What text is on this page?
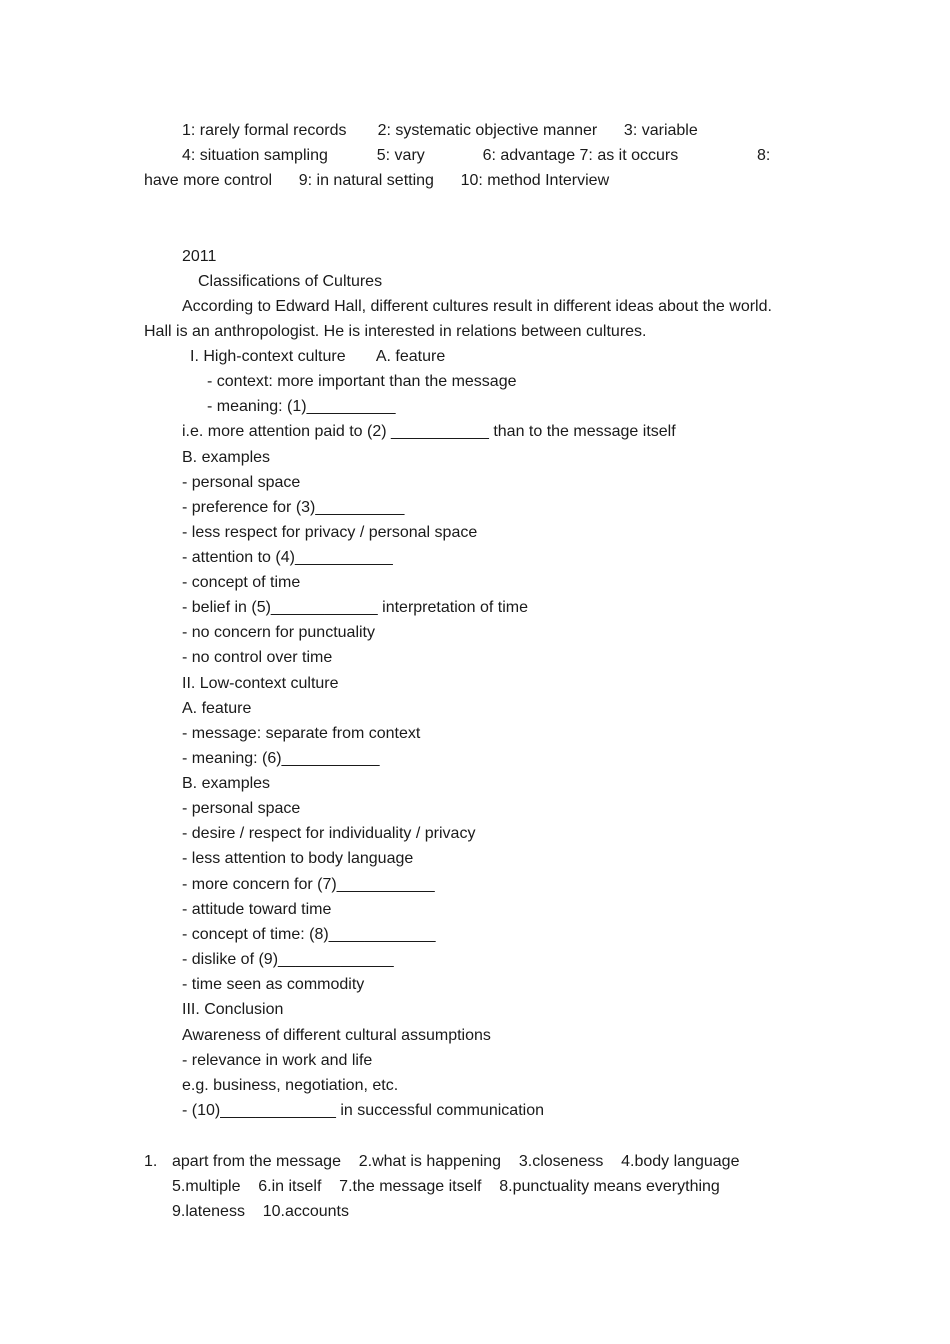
1: rarely formal records       2: systematic objective manner      3: variable
4: situation sampling           5: vary             6: advantage 7: as it occurs	8:
have more control      9: in natural setting      10: method Interview
2011
Classifications of Cultures
According to Edward Hall, different cultures result in different ideas about the world.
Hall is an anthropologist. He is interested in relations between cultures.
I. High-context culture       A. feature
- context: more important than the message
- meaning: (1)__________
i.e. more attention paid to (2) ___________ than to the message itself
B. examples
- personal space
- preference for (3)__________
- less respect for privacy / personal space
- attention to (4)___________
- concept of time
- belief in (5)____________ interpretation of time
- no concern for punctuality
- no control over time
II. Low-context culture
A. feature
- message: separate from context
- meaning: (6)___________
B. examples
- personal space
- desire / respect for individuality / privacy
- less attention to body language
- more concern for (7)___________
- attitude toward time
- concept of time: (8)____________
- dislike of (9)_____________
- time seen as commodity
III. Conclusion
Awareness of different cultural assumptions
- relevance in work and life
e.g. business, negotiation, etc.
- (10)_____________ in successful communication
1. apart from the message    2.what is happening    3.closeness    4.body language
5.multiple    6.in itself    7.the message itself    8.punctuality means everything
9.lateness    10.accounts
